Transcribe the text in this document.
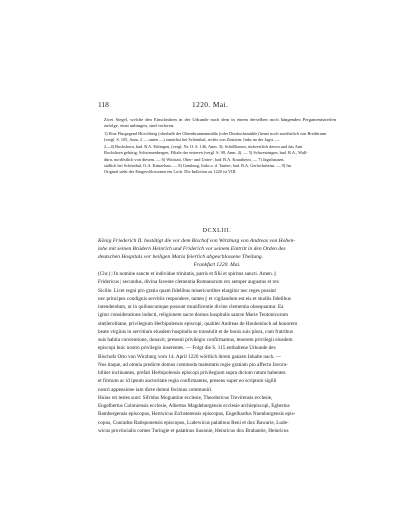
118	1220. Mai.

Zwei Siegel, welche den Einschnitten in der Urkunde nach dem in einem derselben noch hängenden Pergamentstreifen zufolge, einst anhingen, sind verloren.

1) Eine Flurgegend Hirschberg (oberhalb der Obernbrunnenmühle (oder Dimbachsmühle) heute noch nordöstlich von Breitbrunn
(vergl. S. 105, Anm. 2 — unten —) zunächst bei Schönthal, rechts von Zeuttern, links an der Jagst. —
2—4) Bockshorn, bad. B.A. Ettlingen, (vergl. Nr. II. S. 146, Anm. 3); Schöllbronn, südwestlich davon und das Amt
Bockshorn gehörig; Schwanenbergen, Filiale der ersteren (vergl. S. 90, Anm. 4). — 5) Schwetzingen, bad. B.A., Wall-
dürn, nordöstlich von diesem. — 6) Wittstatt, Ober- und Unter-, bad. B.A. Krautheim. — 7) Jagsthausen,
südlich bei Schönthal, O.A. Künzelsau. — 8) Gamburg, links a. d. Tauber, bad. B.A. Gerlachsheim. — 9) Im
Original steht des Eingeschlossenen ein Loch. Die Indiction zu 1220 ist VIII.
DCXLIII.
König Friederich II. bestätigt die vor dem Bischof von Wirzburg von Andreas von Hohen-
lohe mit seinen Brüdern Heinrich und Friderich vor seinem Eintritt in den Orden des
deutschen Hospitals vor heiligen Maria feierlich abgeschlossene Theilung.
Frankfurt 1220. Mai.
(Chr.) | In nomine sancte et individue trinitatis, patris et filii et spiritus sancti. Amen. ||
Fridericus | secundus, divina favente clementia Romanorum rex semper augustus et rex
Sicilie. Licet regni pro gratia quam fidelibus misericorditer elargitur nec reges possint
nec principes condignis servitiis respondere, tamen || et vigilandum est eis et studiis fidelibus
intendendum, ut in quibuscumque possunt munificentie divine clementia obsequantur. Ea
igitur consideratione inducti, religionem sacre domus hospitalis sancte Marie Teutonicorum
site|Ierolitane, privilegium Herbipolensis episcopi, qualiter Andreas de Honhenloch ad honorem
beate virginis in servitium eiusdem hospitalis se transtulit et de bonis suis plura, cum fratribus
suis habita conventione, donavit, presenti privilegio confirmamus, tenorem privilegii eiusdem
episcopi huic nostro privilegio inserentes. — Folgt die S. 115 enthaltene Urkunde des
Bischofs Otto von Wirzburg vom 14. April 1220 wörtlich ihrem ganzen Inhalte nach. —
Nos itaque, ad omnia predicte domus commoda maiestatis regie gratiam pio affectu favora-
biliter inclinantes, prefati Herbipolensis episcopi privilegium supra dictum ratum habentes
et firmum ac id ipsum auctoritate regia confirmantes, presens super eo scriptum sigilli
nostri appensione iam dicte domui fecimus communiri.
Huius rei testes sunt: Sifridus Moguntine ecclesie, Theodericus Trevirensis ecclesie,
Engelbertus Coloniensis ecclesie, Albertus Magdeburgensis ecclesie archiepiscopi, Egbertus
Bambergensis episcopus, Hertwicus Eichstetensis episcopus, Engelhardus Nuenburgensis epis-
copus, Cunradus Ratisponensis episcopus, Ludewicus palatinus Reni et dux Bawarie, Lude-
wicus provincialis comes Turingie et palatinus Saxonie, Heinricus dux Brabantie, Heinricus
